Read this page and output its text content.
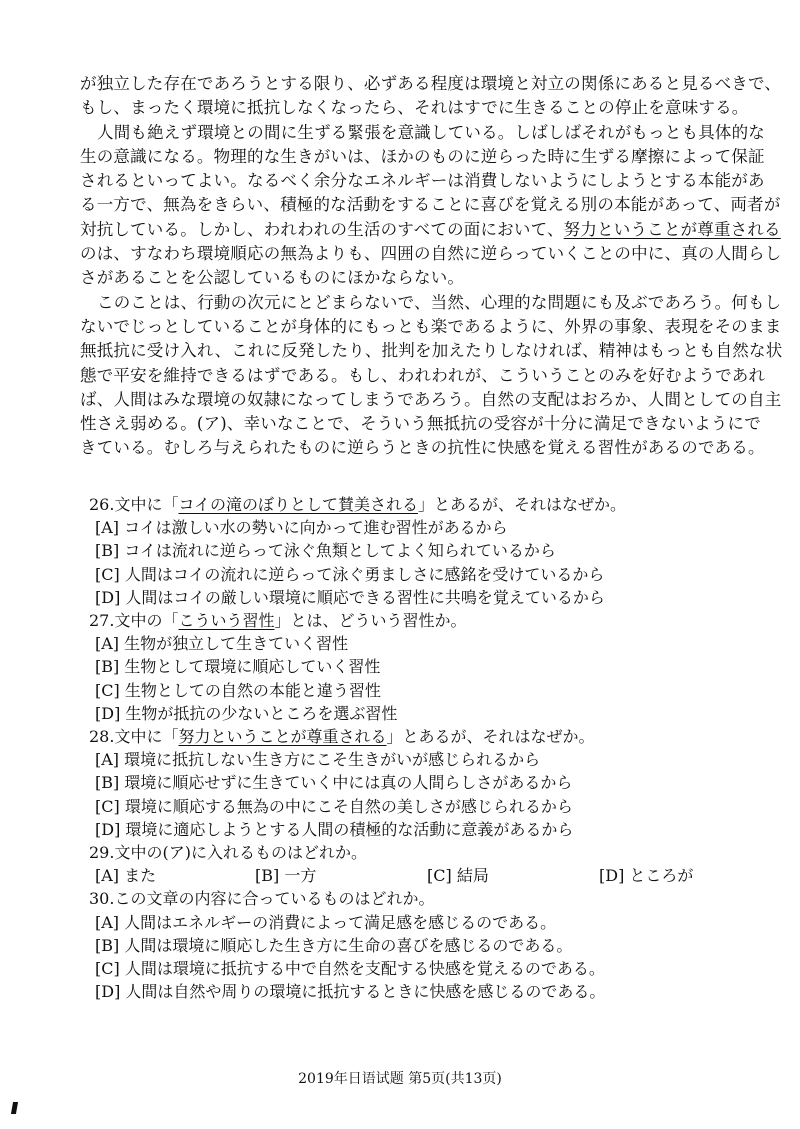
が独立した存在であろうとする限り、必ずある程度は環境と対立の関係にあると見るべきで、
もし、まったく環境に抵抗しなくなったら、それはすでに生きることの停止を意味する。
人間も絶えず環境との間に生ずる緊張を意識している。しばしばそれがもっとも具体的な
生の意識になる。物理的な生きがいは、ほかのものに逆らった時に生ずる摩擦によって保証
されるといってよい。なるべく余分なエネルギーは消費しないようにしようとする本能があ
る一方で、無為をきらい、積極的な活動をすることに喜びを覚える別の本能があって、両者が
対抗している。しかし、われわれの生活のすべての面において、努力ということが尊重される
のは、すなわち環境順応の無為よりも、四囲の自然に逆らっていくことの中に、真の人間らし
さがあることを公認しているものにほかならない。
このことは、行動の次元にとどまらないで、当然、心理的な問題にも及ぶであろう。何もし
ないでじっとしていることが身体的にもっとも楽であるように、外界の事象、表現をそのまま
無抵抗に受け入れ、これに反発したり、批判を加えたりしなければ、精神はもっとも自然な状
態で平安を維持できるはずである。もし、われわれが、こういうことのみを好むようであれ
ば、人間はみな環境の奴隷になってしまうであろう。自然の支配はおろか、人間としての自主
性さえ弱める。(ア)、幸いなことで、そういう無抵抗の受容が十分に満足できないようにで
きている。むしろ与えられたものに逆らうときの抗性に快感を覚える習性があるのである。
26.文中に「コイの滝のぼりとして賛美される」とあるが、それはなぜか。
[A] コイは激しい水の勢いに向かって進む習性があるから
[B] コイは流れに逆らって泳ぐ魚類としてよく知られているから
[C] 人間はコイの流れに逆らって泳ぐ勇ましさに感銘を受けているから
[D] 人間はコイの厳しい環境に順応できる習性に共鳴を覚えているから
27.文中の「こういう習性」とは、どういう習性か。
[A] 生物が独立して生きていく習性
[B] 生物として環境に順応していく習性
[C] 生物としての自然の本能と違う習性
[D] 生物が抵抗の少ないところを選ぶ習性
28.文中に「努力ということが尊重される」とあるが、それはなぜか。
[A] 環境に抵抗しない生き方にこそ生きがいが感じられるから
[B] 環境に順応せずに生きていく中には真の人間らしさがあるから
[C] 環境に順応する無為の中にこそ自然の美しさが感じられるから
[D] 環境に適応しようとする人間の積極的な活動に意義があるから
29.文中の(ア)に入れるものはどれか。
[A] また	[B] 一方	[C] 結局	[D] ところが
30.この文章の内容に合っているものはどれか。
[A] 人間はエネルギーの消費によって満足感を感じるのである。
[B] 人間は環境に順応した生き方に生命の喜びを感じるのである。
[C] 人間は環境に抵抗する中で自然を支配する快感を覚えるのである。
[D] 人間は自然や周りの環境に抵抗するときに快感を感じるのである。
2019年日语试题 第5页(共13页)
